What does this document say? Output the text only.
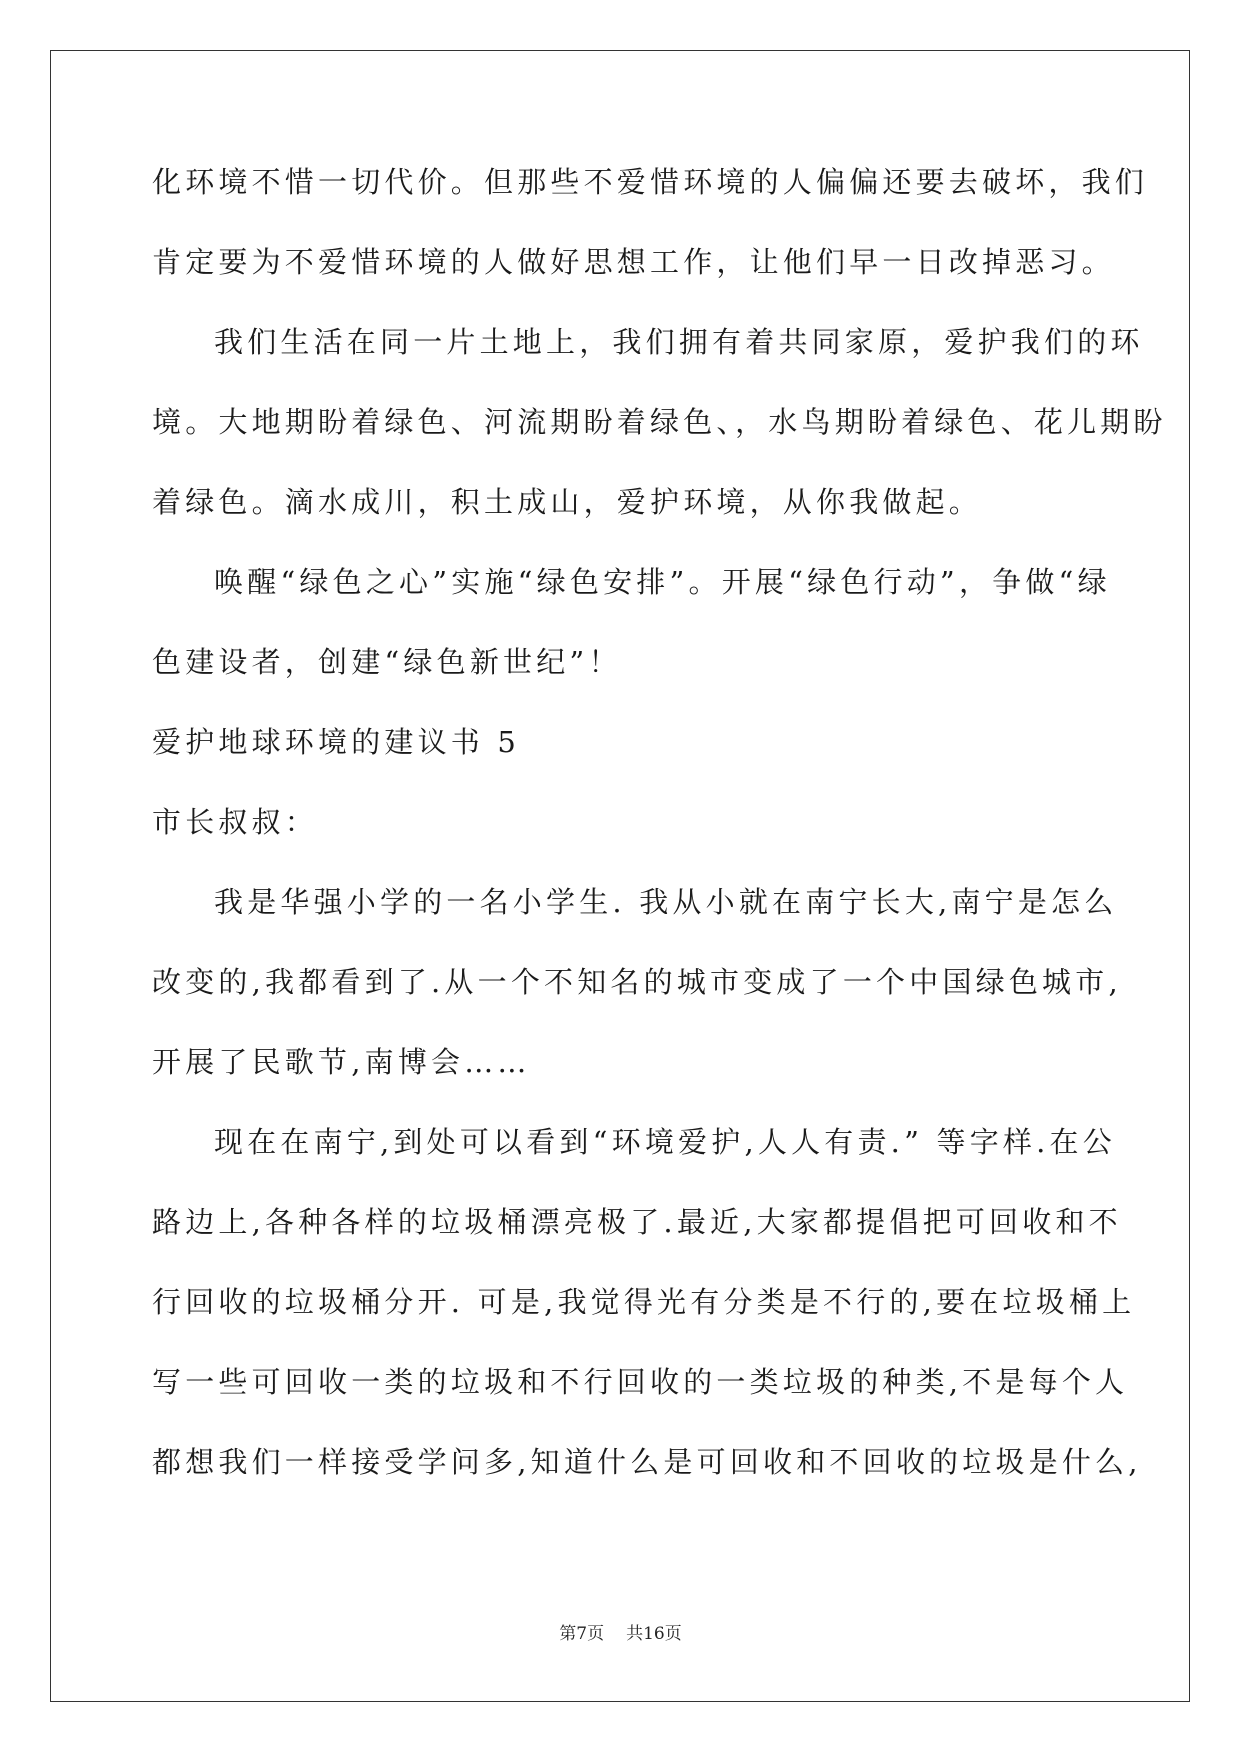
化环境不惜一切代价。但那些不爱惜环境的人偏偏还要去破坏，我们
肯定要为不爱惜环境的人做好思想工作，让他们早一日改掉恶习。
我们生活在同一片土地上，我们拥有着共同家原，爱护我们的环
境。大地期盼着绿色、河流期盼着绿色、，水鸟期盼着绿色、花儿期盼
着绿色。滴水成川，积土成山，爱护环境，从你我做起。
唤醒“绿色之心”实施“绿色安排”。开展“绿色行动”，争做“绿
色建设者，创建“绿色新世纪”！
爱护地球环境的建议书 5
市长叔叔：
我是华强小学的一名小学生. 我从小就在南宁长大,南宁是怎么
改变的,我都看到了.从一个不知名的城市变成了一个中国绿色城市,
开展了民歌节,南博会……
现在在南宁,到处可以看到“环境爱护,人人有责.” 等字样.在公
路边上,各种各样的垃圾桶漂亮极了.最近,大家都提倡把可回收和不
行回收的垃圾桶分开. 可是,我觉得光有分类是不行的,要在垃圾桶上
写一些可回收一类的垃圾和不行回收的一类垃圾的种类,不是每个人
都想我们一样接受学问多,知道什么是可回收和不回收的垃圾是什么,
第7页 共16页
